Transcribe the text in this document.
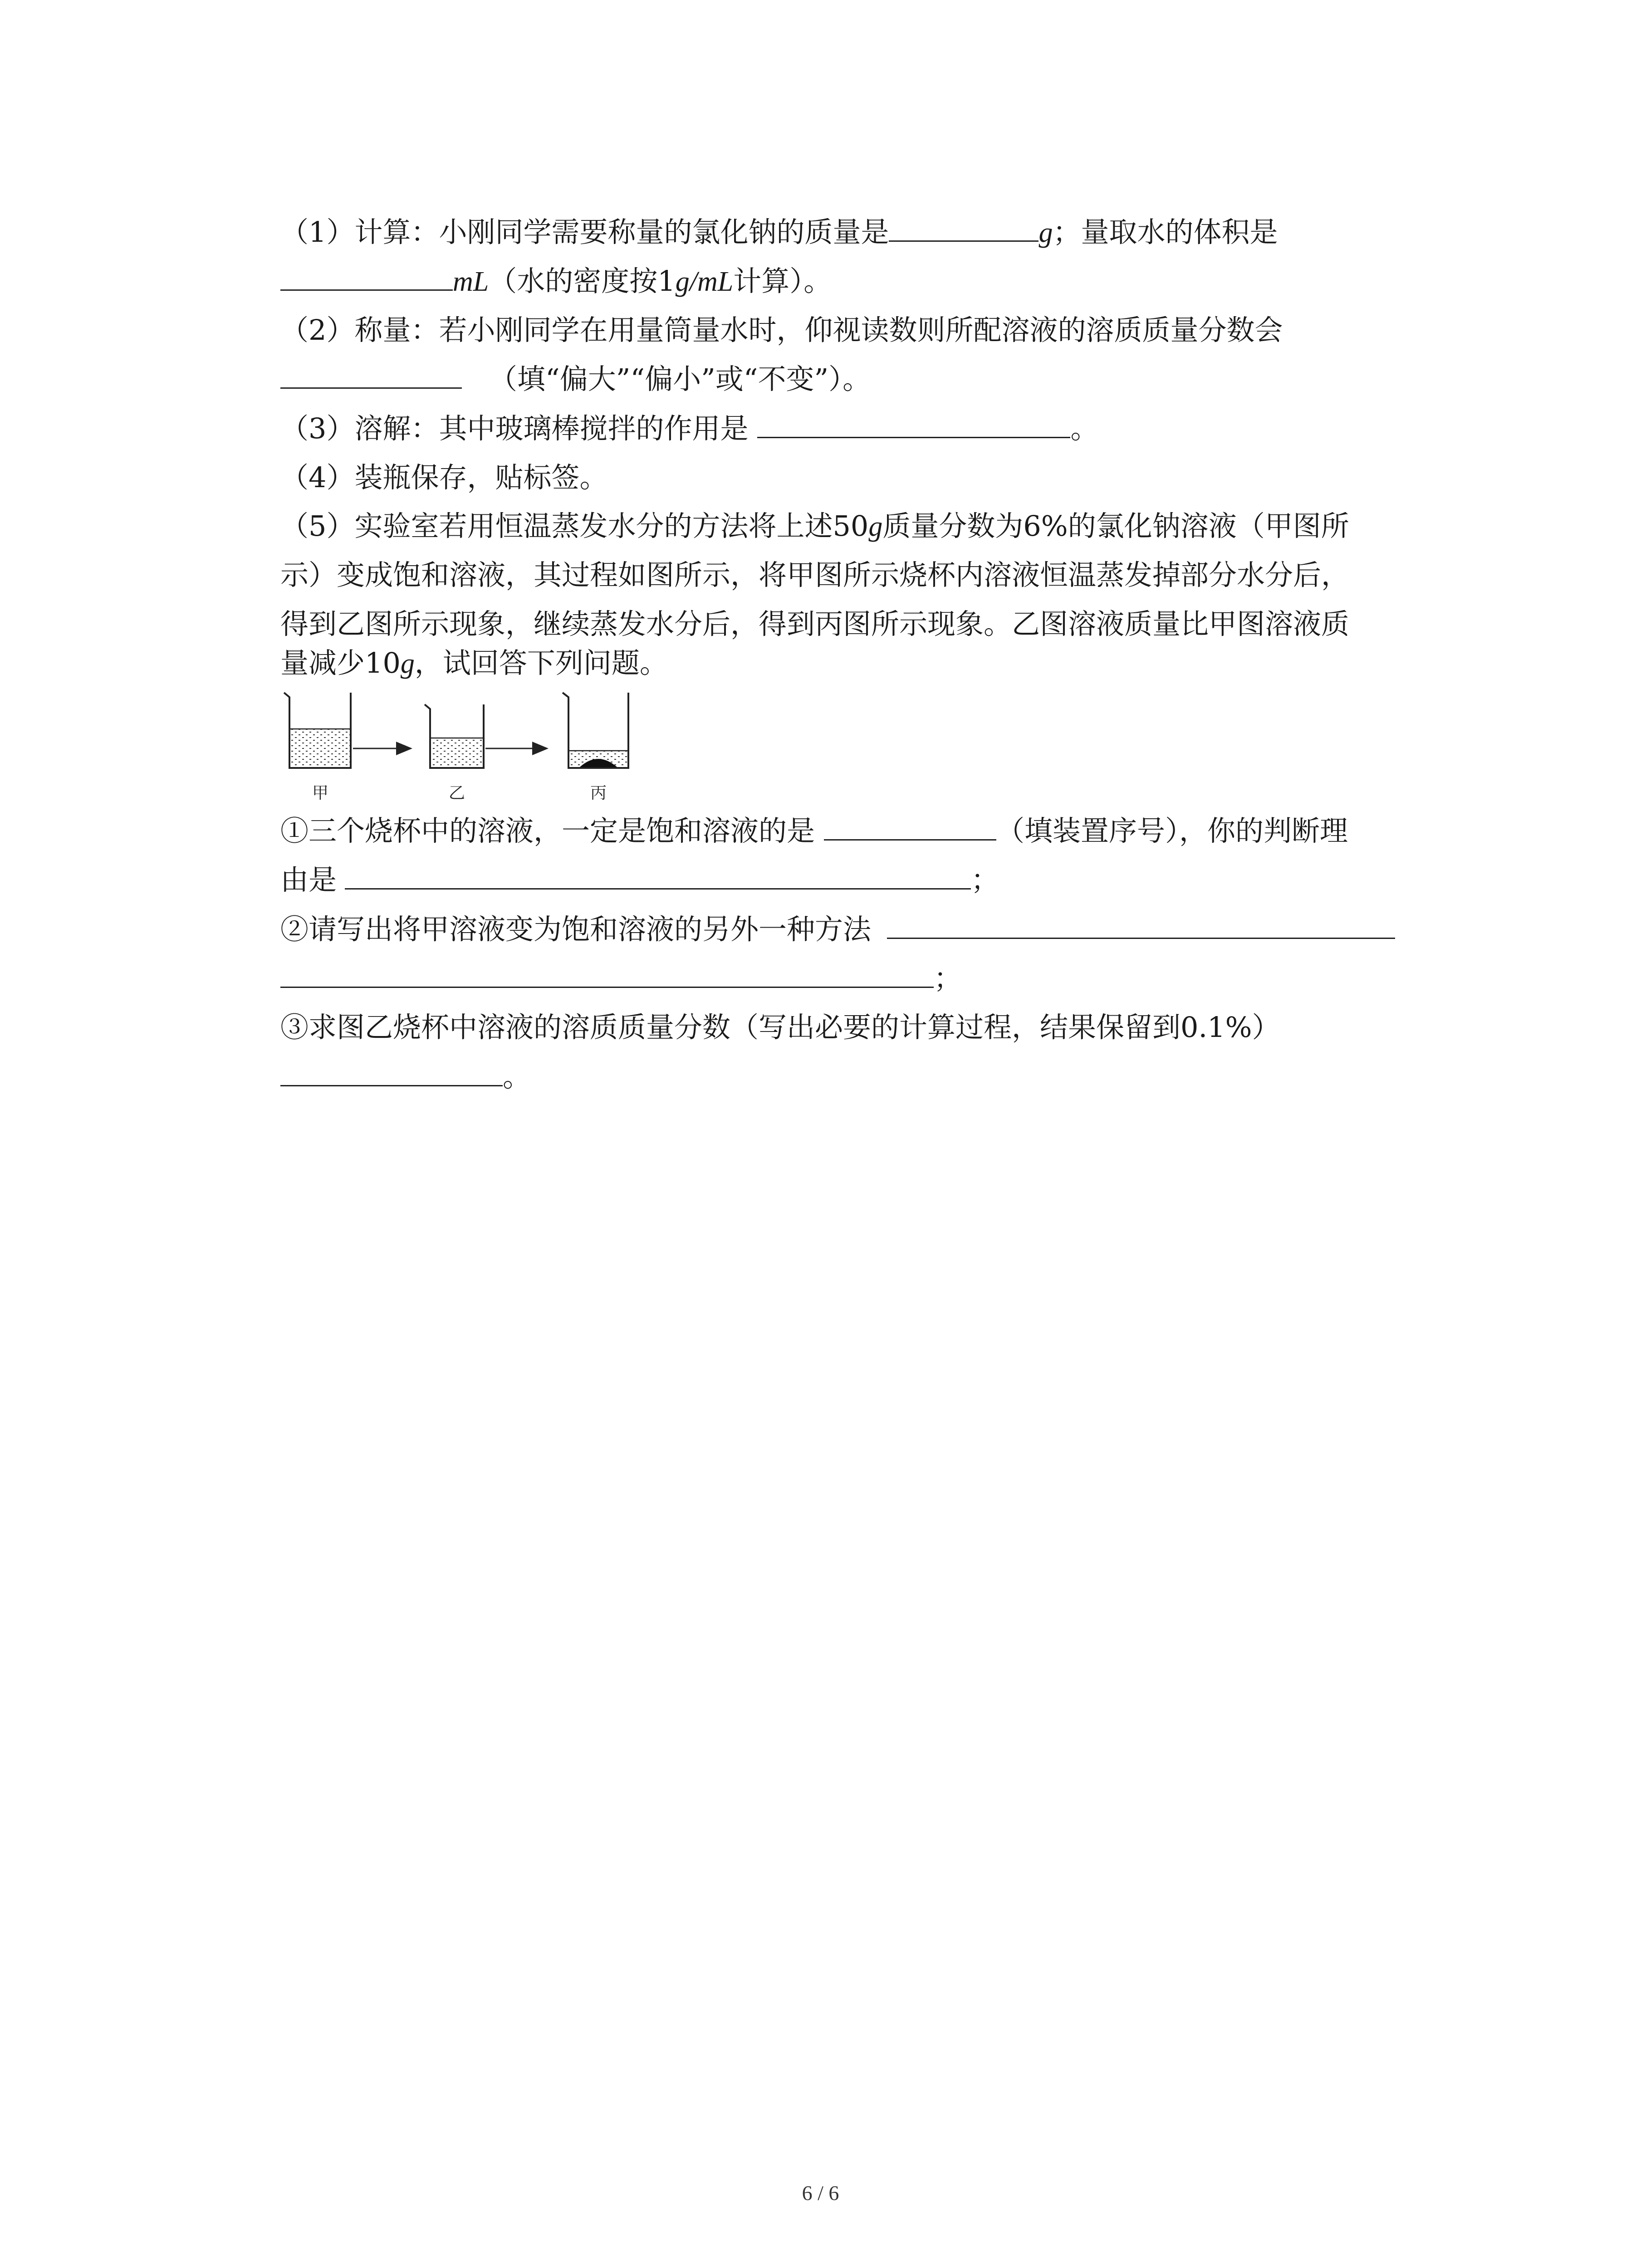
（1）计算：小刚同学需要称量的氯化钠的质量是	g；量取水的体积是
mL（水的密度按1g/mL计算）。
（2）称量：若小刚同学在用量筒量水时，仰视读数则所配溶液的溶质质量分数会
（填“偏大”“偏小”或“不变”）。
（3）溶解：其中玻璃棒搅拌的作用是	。
（4）装瓶保存，贴标签。
（5）实验室若用恒温蒸发水分的方法将上述50g质量分数为6%的氯化钠溶液（甲图所
示）变成饱和溶液，其过程如图所示，将甲图所示烧杯内溶液恒温蒸发掉部分水分后，
得到乙图所示现象，继续蒸发水分后，得到丙图所示现象。乙图溶液质量比甲图溶液质
量减少10g，试回答下列问题。
甲	乙	丙
①三个烧杯中的溶液，一定是饱和溶液的是	（填装置序号），你的判断理
由是	；
②请写出将甲溶液变为饱和溶液的另外一种方法
；
③求图乙烧杯中溶液的溶质质量分数（写出必要的计算过程，结果保留到0.1%）
。
6 / 6
